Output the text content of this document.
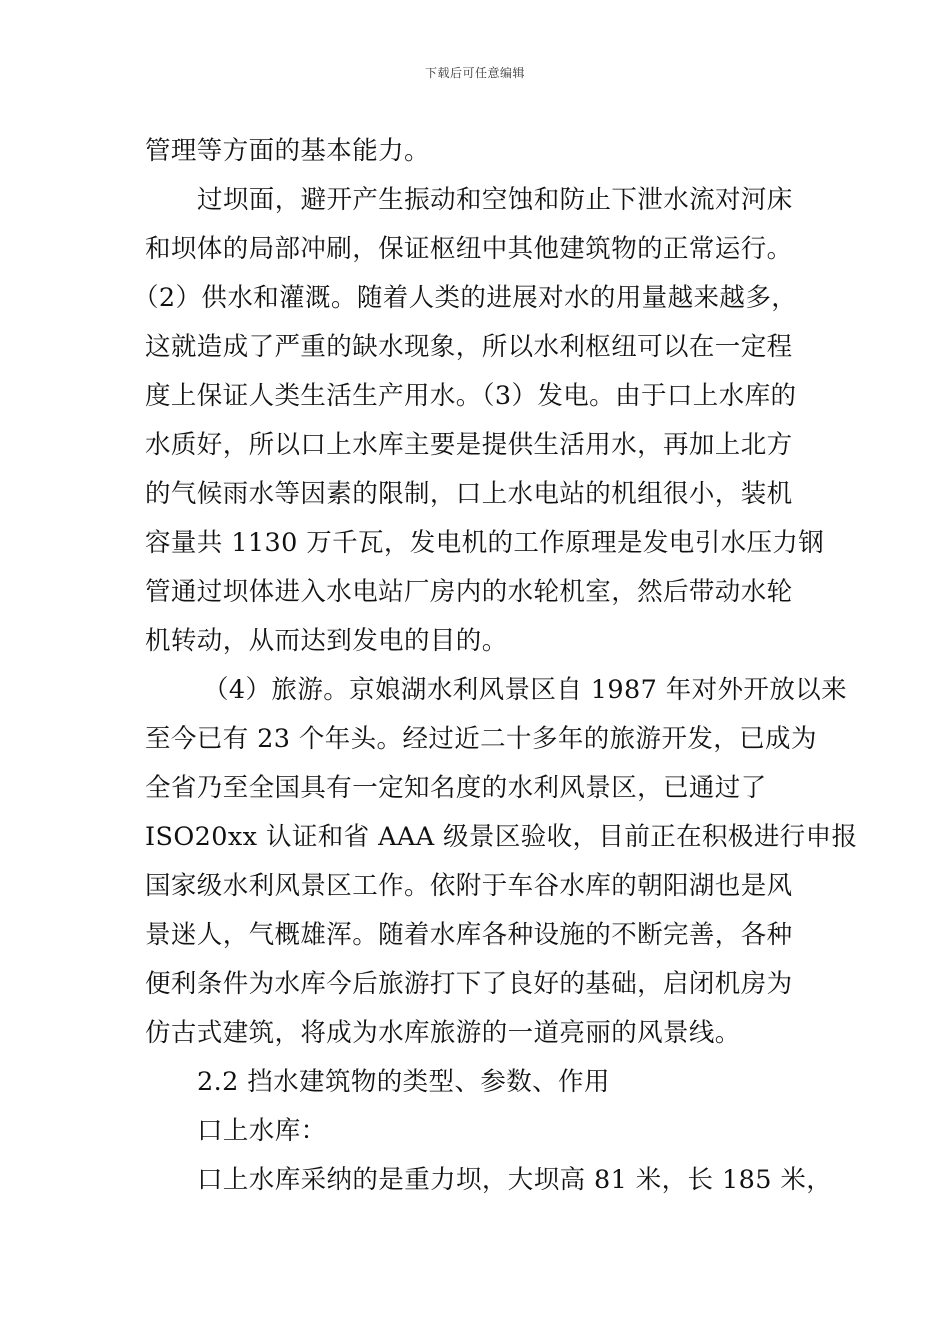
下载后可任意编辑
管理等方面的基本能力。
过坝面，避开产生振动和空蚀和防止下泄水流对河床
和坝体的局部冲刷，保证枢纽中其他建筑物的正常运行。
（2）供水和灌溉。随着人类的进展对水的用量越来越多，
这就造成了严重的缺水现象，所以水利枢纽可以在一定程
度上保证人类生活生产用水。（3）发电。由于口上水库的
水质好，所以口上水库主要是提供生活用水，再加上北方
的气候雨水等因素的限制，口上水电站的机组很小，装机
容量共 1130 万千瓦，发电机的工作原理是发电引水压力钢
管通过坝体进入水电站厂房内的水轮机室，然后带动水轮
机转动，从而达到发电的目的。
（4）旅游。京娘湖水利风景区自 1987 年对外开放以来
至今已有 23 个年头。经过近二十多年的旅游开发，已成为
全省乃至全国具有一定知名度的水利风景区，已通过了
ISO20xx 认证和省 AAA 级景区验收，目前正在积极进行申报
国家级水利风景区工作。依附于车谷水库的朝阳湖也是风
景迷人，气概雄浑。随着水库各种设施的不断完善，各种
便利条件为水库今后旅游打下了良好的基础，启闭机房为
仿古式建筑，将成为水库旅游的一道亮丽的风景线。
2.2 挡水建筑物的类型、参数、作用
口上水库：
口上水库采纳的是重力坝，大坝高 81 米，长 185 米，
